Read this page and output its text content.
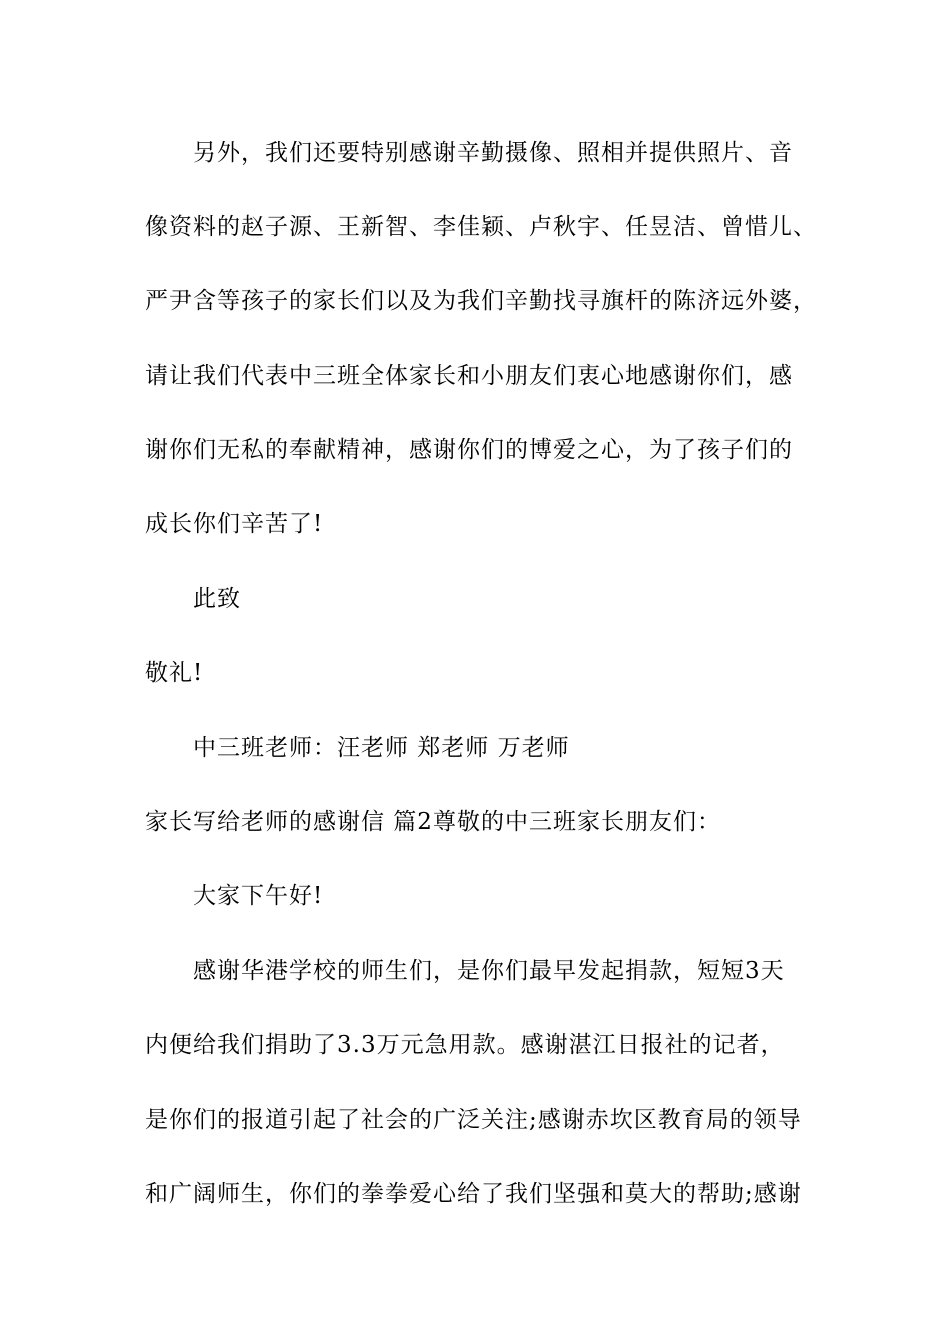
另外，我们还要特别感谢辛勤摄像、照相并提供照片、音
像资料的赵子源、王新智、李佳颖、卢秋宇、任昱洁、曾惜儿、
严尹含等孩子的家长们以及为我们辛勤找寻旗杆的陈济远外婆，
请让我们代表中三班全体家长和小朋友们衷心地感谢你们，感
谢你们无私的奉献精神，感谢你们的博爱之心，为了孩子们的
成长你们辛苦了!
此致
敬礼!
中三班老师：汪老师 郑老师 万老师
家长写给老师的感谢信 篇2尊敬的中三班家长朋友们：
大家下午好!
感谢华港学校的师生们，是你们最早发起捐款，短短3天
内便给我们捐助了3.3万元急用款。感谢湛江日报社的记者，
是你们的报道引起了社会的广泛关注;感谢赤坎区教育局的领导
和广阔师生，你们的拳拳爱心给了我们坚强和莫大的帮助;感谢
